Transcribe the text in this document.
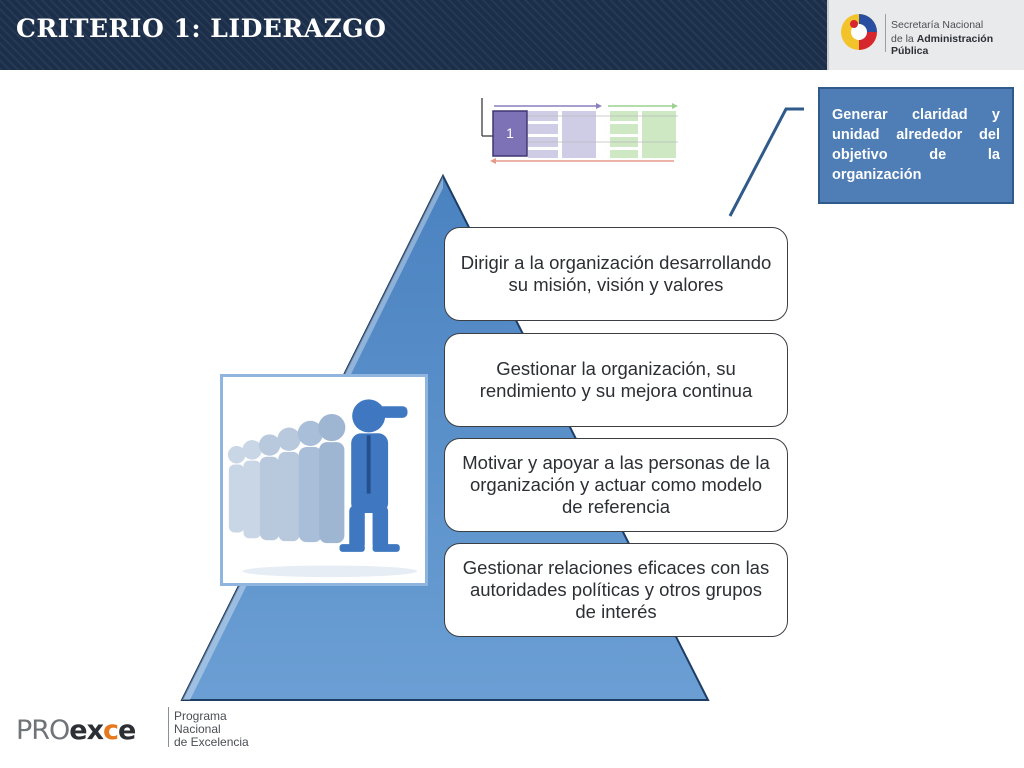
CRITERIO 1: LIDERAZGO	Secretaría Nacional
de la Administración Pública
1
Generar claridad y unidad alrededor del objetivo de la organización
Dirigir a la organización desarrollando su misión, visión y valores
Gestionar la organización, su rendimiento y su mejora continua
Motivar y apoyar a las personas de la organización y actuar como modelo de referencia
Gestionar relaciones eficaces con las autoridades políticas y otros grupos de interés
PROexce	Programa
Nacional
de Excelencia
